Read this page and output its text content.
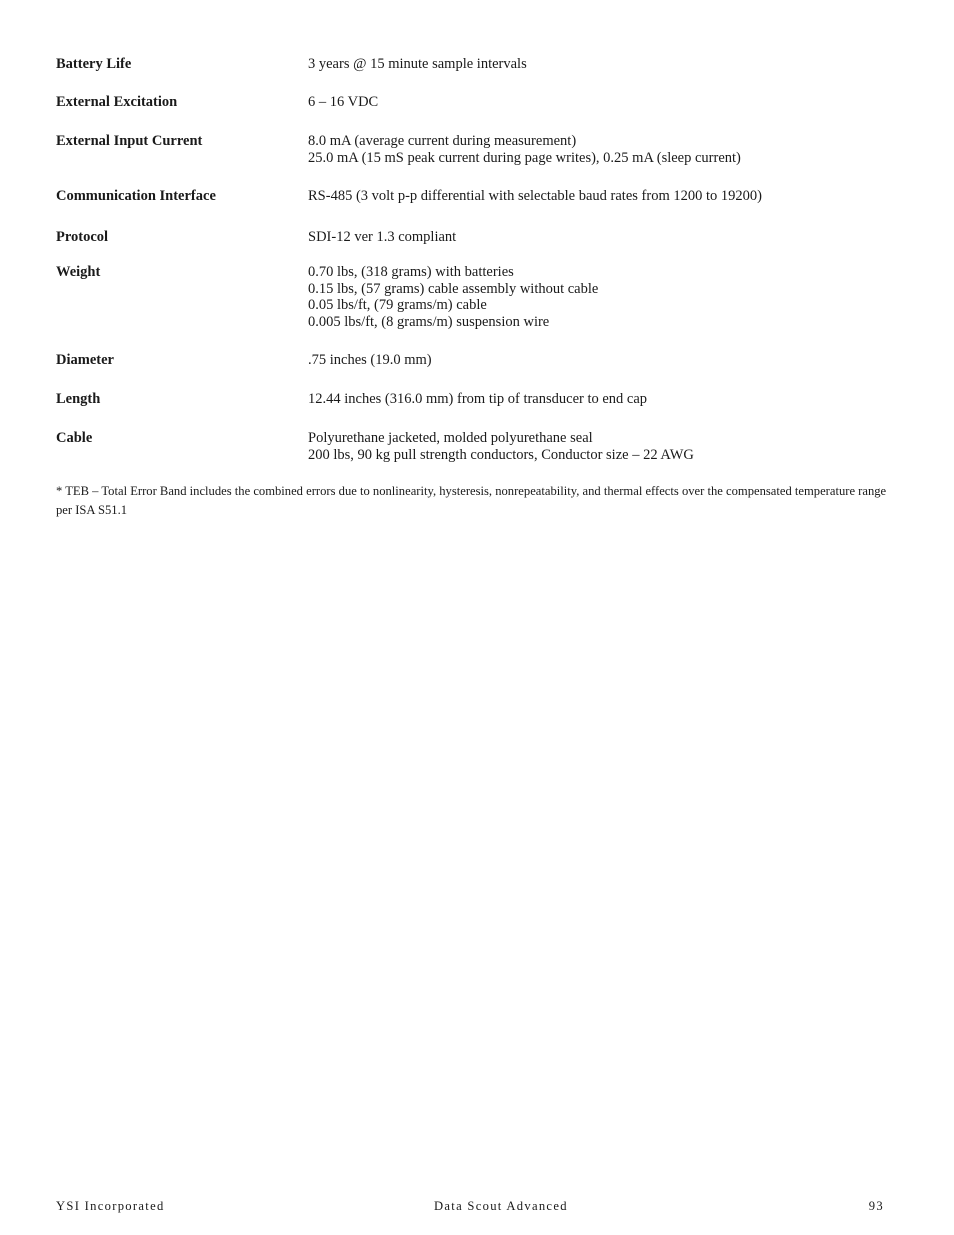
Battery Life	3 years @ 15 minute sample intervals
External Excitation	6 – 16 VDC
External Input Current	8.0 mA (average current during measurement)
25.0 mA (15 mS peak current during page writes), 0.25 mA (sleep current)
Communication Interface	RS-485 (3 volt p-p differential with selectable baud rates from 1200 to 19200)
Protocol	SDI-12 ver 1.3 compliant
Weight	0.70 lbs, (318 grams) with batteries
0.15 lbs, (57 grams) cable assembly without cable
0.05 lbs/ft, (79 grams/m) cable
0.005 lbs/ft, (8 grams/m) suspension wire
Diameter	.75 inches (19.0 mm)
Length	12.44 inches (316.0 mm) from tip of transducer to end cap
Cable	Polyurethane jacketed, molded polyurethane seal
200 lbs, 90 kg pull strength conductors, Conductor size – 22 AWG
* TEB – Total Error Band includes the combined errors due to nonlinearity, hysteresis, nonrepeatability, and thermal effects over the compensated temperature range per ISA S51.1
YSI Incorporated	Data Scout Advanced	93
